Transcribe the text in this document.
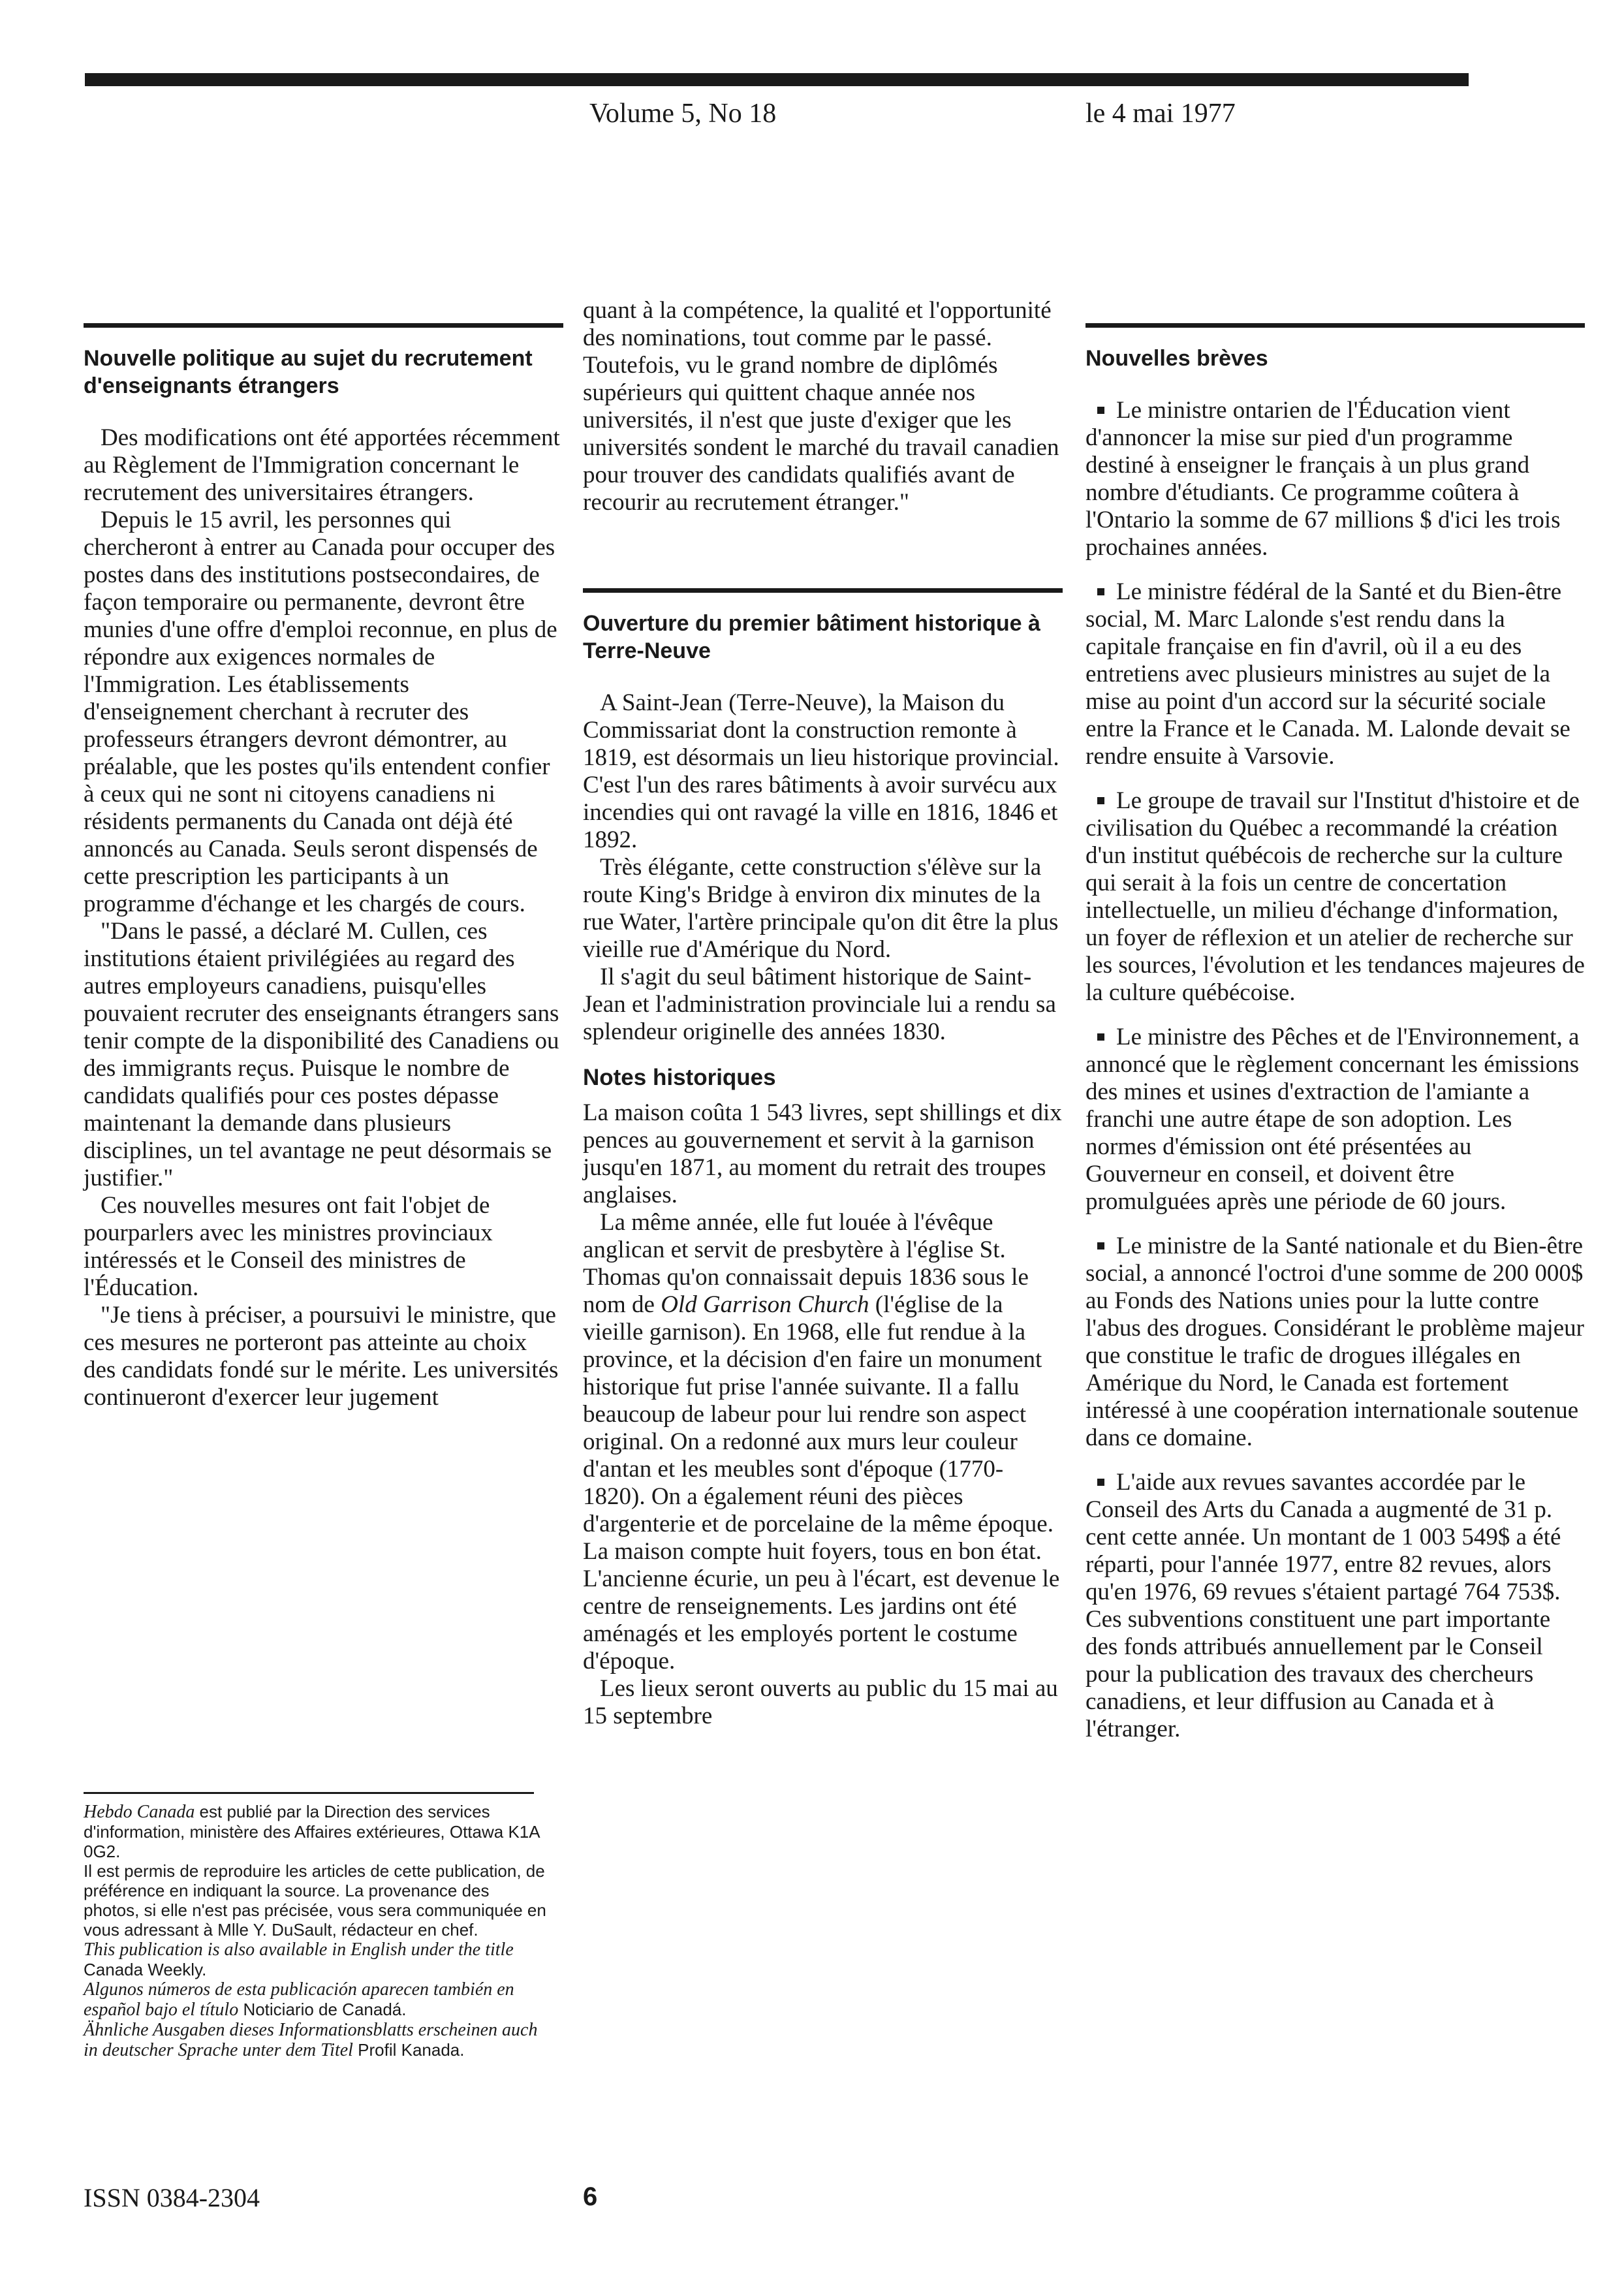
Volume 5, No 18	le 4 mai 1977
Nouvelle politique au sujet du recrutement d'enseignants étrangers

Des modifications ont été apportées récemment au Règlement de l'Immigration concernant le recrutement des universitaires étrangers.

Depuis le 15 avril, les personnes qui chercheront à entrer au Canada pour occuper des postes dans des institutions postsecondaires, de façon temporaire ou permanente, devront être munies d'une offre d'emploi reconnue, en plus de répondre aux exigences normales de l'Immigration. Les établissements d'enseignement cherchant à recruter des professeurs étrangers devront démontrer, au préalable, que les postes qu'ils entendent confier à ceux qui ne sont ni citoyens canadiens ni résidents permanents du Canada ont déjà été annoncés au Canada. Seuls seront dispensés de cette prescription les participants à un programme d'échange et les chargés de cours.

"Dans le passé, a déclaré M. Cullen, ces institutions étaient privilégiées au regard des autres employeurs canadiens, puisqu'elles pouvaient recruter des enseignants étrangers sans tenir compte de la disponibilité des Canadiens ou des immigrants reçus. Puisque le nombre de candidats qualifiés pour ces postes dépasse maintenant la demande dans plusieurs disciplines, un tel avantage ne peut désormais se justifier."

Ces nouvelles mesures ont fait l'objet de pourparlers avec les ministres provinciaux intéressés et le Conseil des ministres de l'Éducation.

"Je tiens à préciser, a poursuivi le ministre, que ces mesures ne porteront pas atteinte au choix des candidats fondé sur le mérite. Les universités continueront d'exercer leur jugement

Hebdo Canada est publié par la Direction des services d'information, ministère des Affaires extérieures, Ottawa K1A 0G2.

Il est permis de reproduire les articles de cette publication, de préférence en indiquant la source. La provenance des photos, si elle n'est pas précisée, vous sera communiquée en vous adressant à Mlle Y. DuSault, rédacteur en chef.

This publication is also available in English under the title Canada Weekly.

Algunos números de esta publicación aparecen también en español bajo el título Noticiario de Canadá.

Ähnliche Ausgaben dieses Informationsblatts erscheinen auch in deutscher Sprache unter dem Titel Profil Kanada.

quant à la compétence, la qualité et l'opportunité des nominations, tout comme par le passé. Toutefois, vu le grand nombre de diplômés supérieurs qui quittent chaque année nos universités, il n'est que juste d'exiger que les universités sondent le marché du travail canadien pour trouver des candidats qualifiés avant de recourir au recrutement étranger."

Ouverture du premier bâtiment historique à Terre-Neuve

A Saint-Jean (Terre-Neuve), la Maison du Commissariat dont la construction remonte à 1819, est désormais un lieu historique provincial. C'est l'un des rares bâtiments à avoir survécu aux incendies qui ont ravagé la ville en 1816, 1846 et 1892.

Très élégante, cette construction s'élève sur la route King's Bridge à environ dix minutes de la rue Water, l'artère principale qu'on dit être la plus vieille rue d'Amérique du Nord.

Il s'agit du seul bâtiment historique de Saint-Jean et l'administration provinciale lui a rendu sa splendeur originelle des années 1830.

Notes historiques

La maison coûta 1 543 livres, sept shillings et dix pences au gouvernement et servit à la garnison jusqu'en 1871, au moment du retrait des troupes anglaises.

La même année, elle fut louée à l'évêque anglican et servit de presbytère à l'église St. Thomas qu'on connaissait depuis 1836 sous le nom de Old Garrison Church (l'église de la vieille garnison). En 1968, elle fut rendue à la province, et la décision d'en faire un monument historique fut prise l'année suivante. Il a fallu beaucoup de labeur pour lui rendre son aspect original. On a redonné aux murs leur couleur d'antan et les meubles sont d'époque (1770-1820). On a également réuni des pièces d'argenterie et de porcelaine de la même époque. La maison compte huit foyers, tous en bon état. L'ancienne écurie, un peu à l'écart, est devenue le centre de renseignements. Les jardins ont été aménagés et les employés portent le costume d'époque.

Les lieux seront ouverts au public du 15 mai au 15 septembre

Nouvelles brèves

Le ministre ontarien de l'Éducation vient d'annoncer la mise sur pied d'un programme destiné à enseigner le français à un plus grand nombre d'étudiants. Ce programme coûtera à l'Ontario la somme de 67 millions $ d'ici les trois prochaines années.

Le ministre fédéral de la Santé et du Bien-être social, M. Marc Lalonde s'est rendu dans la capitale française en fin d'avril, où il a eu des entretiens avec plusieurs ministres au sujet de la mise au point d'un accord sur la sécurité sociale entre la France et le Canada. M. Lalonde devait se rendre ensuite à Varsovie.

Le groupe de travail sur l'Institut d'histoire et de civilisation du Québec a recommandé la création d'un institut québécois de recherche sur la culture qui serait à la fois un centre de concertation intellectuelle, un milieu d'échange d'information, un foyer de réflexion et un atelier de recherche sur les sources, l'évolution et les tendances majeures de la culture québécoise.

Le ministre des Pêches et de l'Environnement, a annoncé que le règlement concernant les émissions des mines et usines d'extraction de l'amiante a franchi une autre étape de son adoption. Les normes d'émission ont été présentées au Gouverneur en conseil, et doivent être promulguées après une période de 60 jours.

Le ministre de la Santé nationale et du Bien-être social, a annoncé l'octroi d'une somme de 200 000$ au Fonds des Nations unies pour la lutte contre l'abus des drogues. Considérant le problème majeur que constitue le trafic de drogues illégales en Amérique du Nord, le Canada est fortement intéressé à une coopération internationale soutenue dans ce domaine.

L'aide aux revues savantes accordée par le Conseil des Arts du Canada a augmenté de 31 p. cent cette année. Un montant de 1 003 549$ a été réparti, pour l'année 1977, entre 82 revues, alors qu'en 1976, 69 revues s'étaient partagé 764 753$. Ces subventions constituent une part importante des fonds attribués annuellement par le Conseil pour la publication des travaux des chercheurs canadiens, et leur diffusion au Canada et à l'étranger.

ISSN 0384-2304	6
